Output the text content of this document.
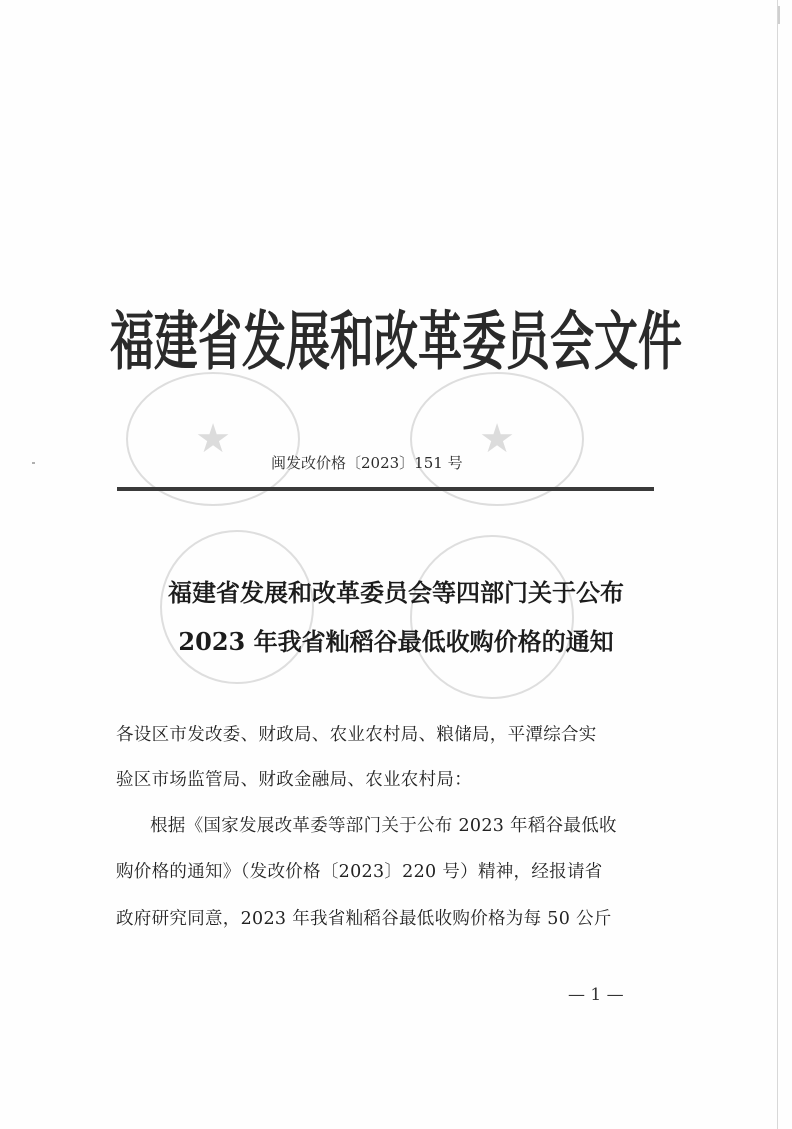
★	★
福建省发展和改革委员会文件
闽发改价格〔2023〕151 号
福建省发展和改革委员会等四部门关于公布
2023 年我省籼稻谷最低收购价格的通知
各设区市发改委、财政局、农业农村局、粮储局，平潭综合实
验区市场监管局、财政金融局、农业农村局：
根据《国家发展改革委等部门关于公布 2023 年稻谷最低收
购价格的通知》（发改价格〔2023〕220 号）精神，经报请省
政府研究同意，2023 年我省籼稻谷最低收购价格为每 50 公斤
— 1 —
